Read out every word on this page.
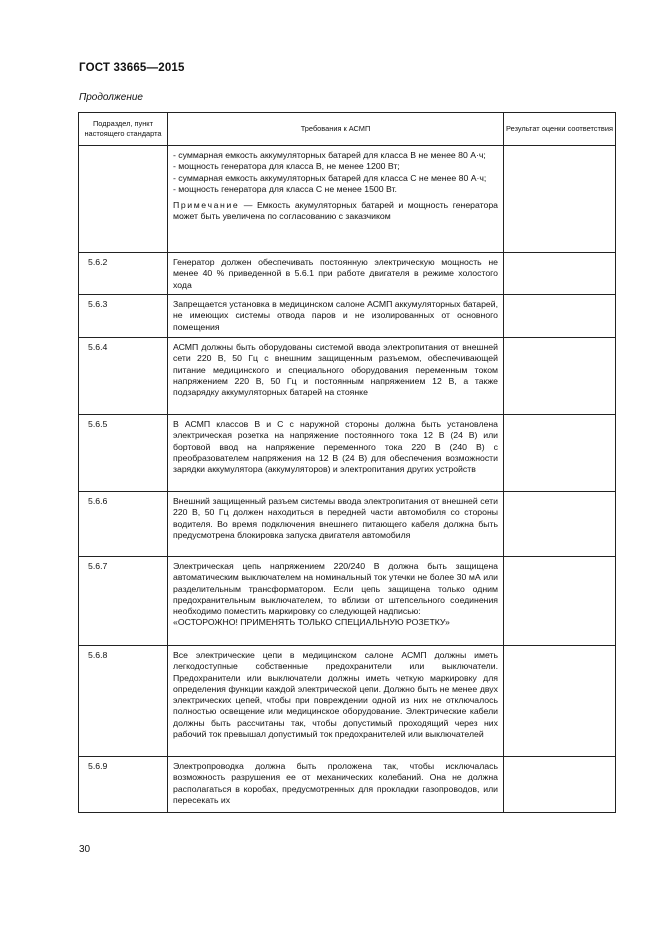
ГОСТ 33665—2015
Продолжение
Подраздел, пункт настоящего стандарта	Требования к АСМП	Результат оценки соответствия

	- суммарная емкость аккумуляторных батарей для класса В не менее 80 А·ч;
- мощность генератора для класса В, не менее 1200 Вт;
- суммарная емкость аккумуляторных батарей для класса С не менее 80 А·ч;
- мощность генератора для класса С не менее 1500 Вт.
Примечание — Емкость акумуляторных батарей и мощность генератора может быть увеличена по согласованию с заказчиком	

5.6.2	Генератор должен обеспечивать постоянную электрическую мощность не менее 40 % приведенной в 5.6.1 при работе двигателя в режиме холостого хода	
5.6.3	Запрещается установка в медицинском салоне АСМП аккумуляторных батарей, не имеющих системы отвода паров и не изолированных от основного помещения	
5.6.4	АСМП должны быть оборудованы системой ввода электропитания от внешней сети 220 В, 50 Гц с внешним защищенным разъемом, обеспечивающей питание медицинского и специального оборудования переменным током напряжением 220 В, 50 Гц и постоянным напряжением 12 В, а также подзарядку аккумуляторных батарей на стоянке	
5.6.5	В АСМП классов В и С с наружной стороны должна быть установлена электрическая розетка на напряжение постоянного тока 12 В (24 В) или бортовой ввод на напряжение переменного тока 220 В (240 В) с преобразователем напряжения на 12 В (24 В) для обеспечения возможности зарядки аккумулятора (аккумуляторов) и электропитания других устройств	
5.6.6	Внешний защищенный разъем системы ввода электропитания от внешней сети 220 В, 50 Гц должен находиться в передней части автомобиля со стороны водителя. Во время подключения внешнего питающего кабеля должна быть предусмотрена блокировка запуска двигателя автомобиля	
5.6.7	Электрическая цепь напряжением 220/240 В должна быть защищена автоматическим выключателем на номинальный ток утечки не более 30 мА или разделительным трансформатором. Если цепь защищена только одним предохранительным выключателем, то вблизи от штепсельного соединения необходимо поместить маркировку со следующей надписью:
«ОСТОРОЖНО! ПРИМЕНЯТЬ ТОЛЬКО СПЕЦИАЛЬНУЮ РОЗЕТКУ»	

5.6.8	Все электрические цепи в медицинском салоне АСМП должны иметь легкодоступные собственные предохранители или выключатели. Предохранители или выключатели должны иметь четкую маркировку для определения функции каждой электрической цепи. Должно быть не менее двух электрических цепей, чтобы при повреждении одной из них не отключалось полностью освещение или медицинское оборудование. Электрические кабели должны быть рассчитаны так, чтобы допустимый проходящий через них рабочий ток превышал допустимый ток предохранителей или выключателей	
5.6.9	Электропроводка должна быть проложена так, чтобы исключалась возможность разрушения ее от механических колебаний. Она не должна располагаться в коробах, предусмотренных для прокладки газопроводов, или пересекать их	
30
